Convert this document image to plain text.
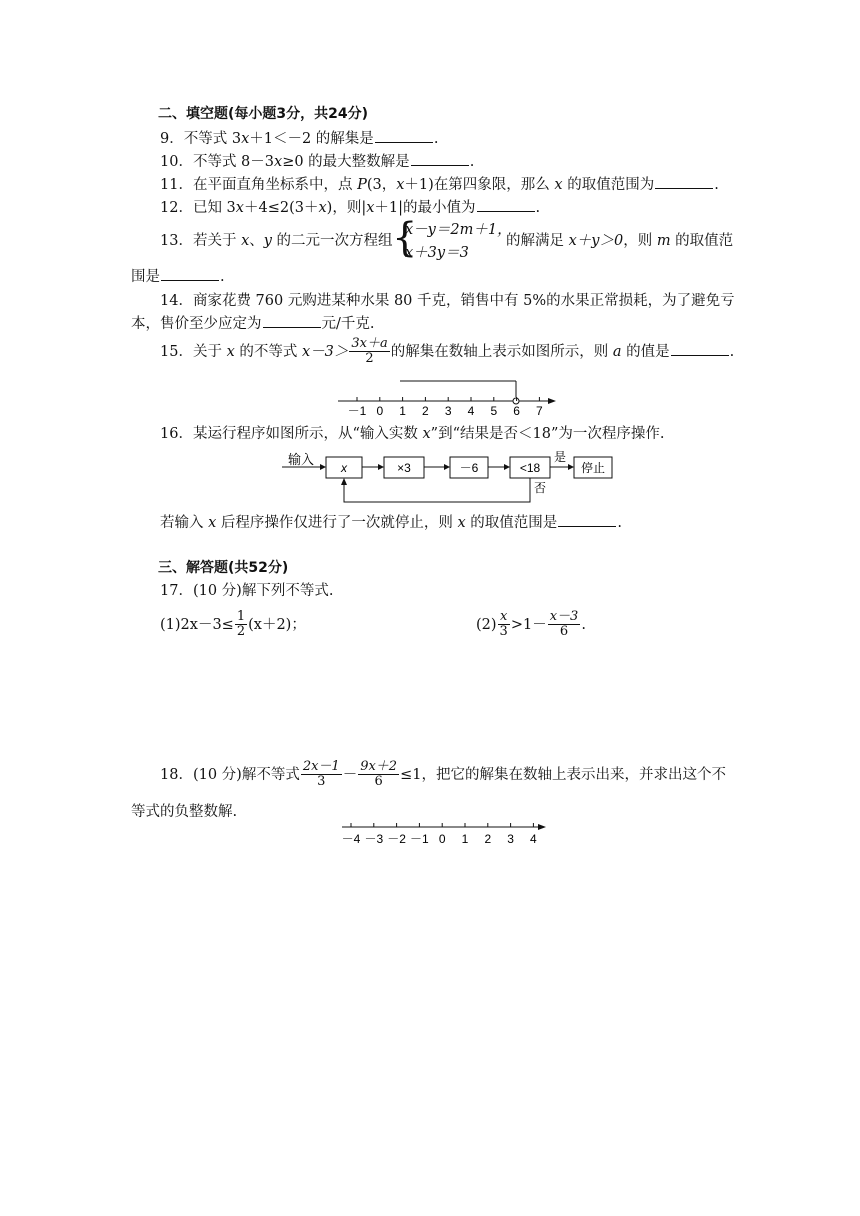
二、填空题(每小题3分，共24分)
9．不等式 3x＋1＜－2 的解集是	.
10．不等式 8－3x≥0 的最大整数解是	.
11．在平面直角坐标系中，点 P(3，x＋1)在第四象限，那么 x 的取值范围为	.
12．已知 3x＋4≤2(3＋x)，则|x＋1|的最小值为	.
13．若关于 x、y 的二元一次方程组 {
x－y＝2m＋1，
x＋3y＝3
的解满足 x＋y＞0，则 m 的取值范
围是	.
14．商家花费 760 元购进某种水果 80 千克，销售中有 5%的水果正常损耗，为了避免亏
本，售价至少应定为	元/千克.
15．关于 x 的不等式 $x-3> \frac{3x+a}{2}$ 的解集在数轴上表示如图所示，则 a 的值是	.
－1 0 1 2 3 4 5 6 7
16．某运行程序如图所示，从“输入实数 x”到“结果是否＜18”为一次程序操作.
输入
x	×3	－6	<18
是
停止
否
若输入 x 后程序操作仅进行了一次就停止，则 x 的取值范围是	.
三、解答题(共52分)
17．(10 分)解下列不等式.
$(1)2x-3\le \frac{1}{2} (x+2)$；	$(2) \frac{x}{3} >1- \frac{x-3}{6}$ .
18．(10 分)解不等式 $\frac{2x-1}{3} - \frac{9x+2}{6} \le 1$，把它的解集在数轴上表示出来，并求出这个不
等式的负整数解.
－4 －3 －2 －1 0 1 2 3 4
